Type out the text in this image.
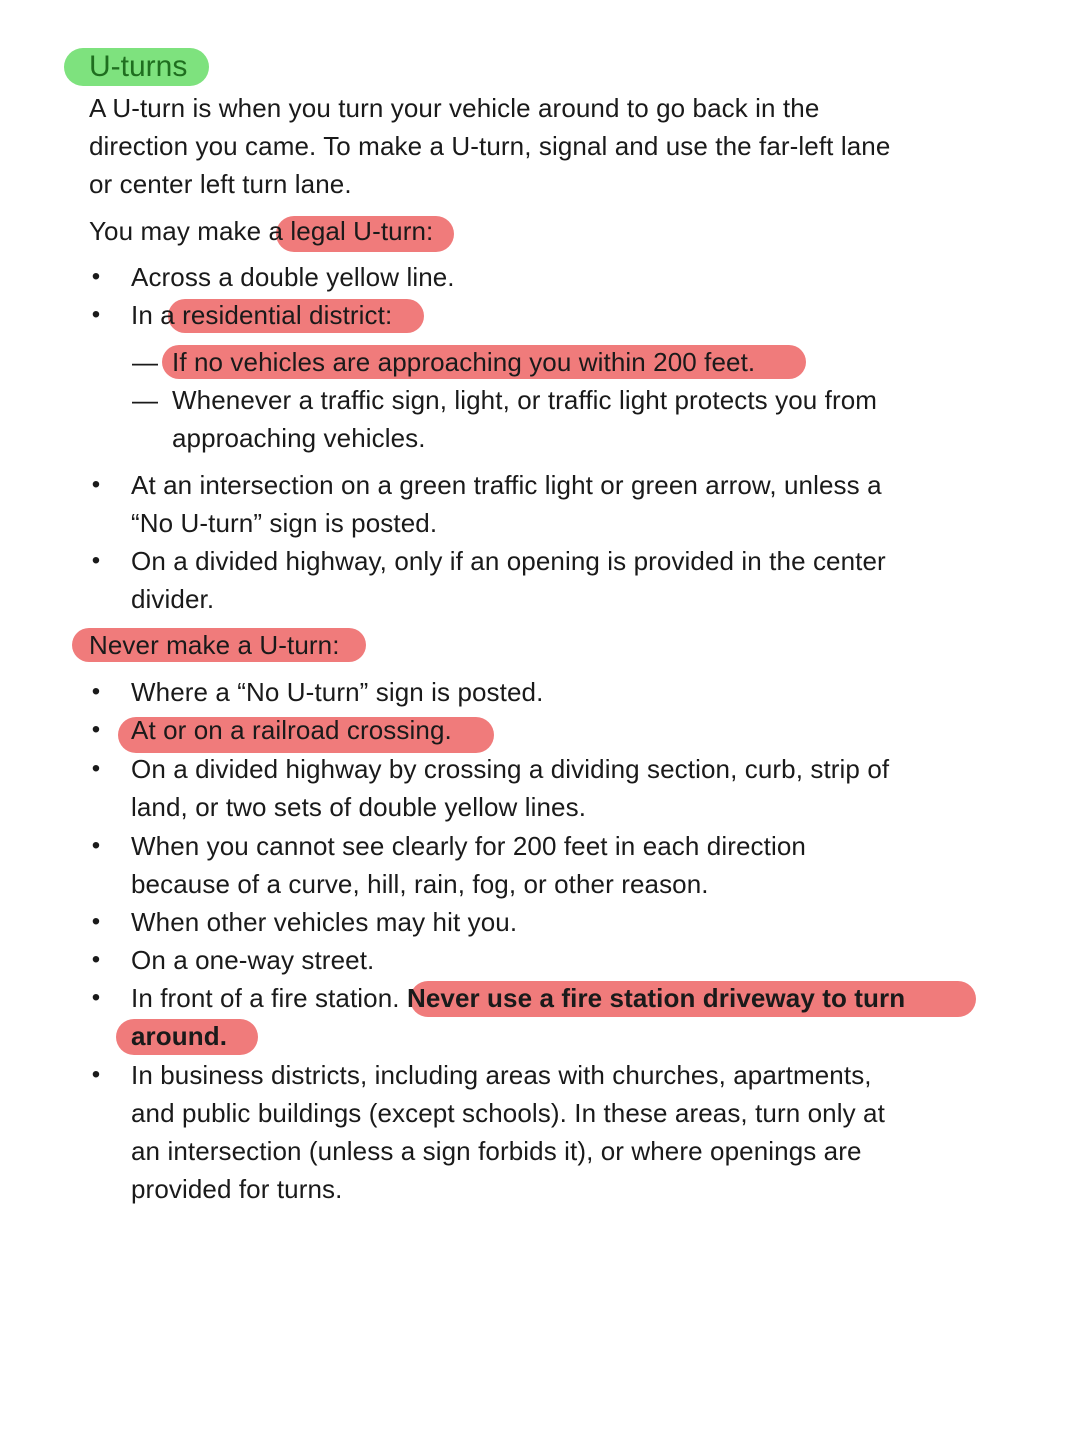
U-turns
A U-turn is when you turn your vehicle around to go back in the
direction you came. To make a U-turn, signal and use the far-left lane
or center left turn lane.
You may make a legal U-turn:
• Across a double yellow line.
• In a residential district:
— If no vehicles are approaching you within 200 feet.
— Whenever a traffic sign, light, or traffic light protects you from
approaching vehicles.
• At an intersection on a green traffic light or green arrow, unless a
“No U-turn” sign is posted.
• On a divided highway, only if an opening is provided in the center
divider.
Never make a U-turn:
• Where a “No U-turn” sign is posted.
• At or on a railroad crossing.
• On a divided highway by crossing a dividing section, curb, strip of
land, or two sets of double yellow lines.
• When you cannot see clearly for 200 feet in each direction
because of a curve, hill, rain, fog, or other reason.
• When other vehicles may hit you.
• On a one-way street.
• In front of a fire station. Never use a fire station driveway to turn
around.
• In business districts, including areas with churches, apartments,
and public buildings (except schools). In these areas, turn only at
an intersection (unless a sign forbids it), or where openings are
provided for turns.
